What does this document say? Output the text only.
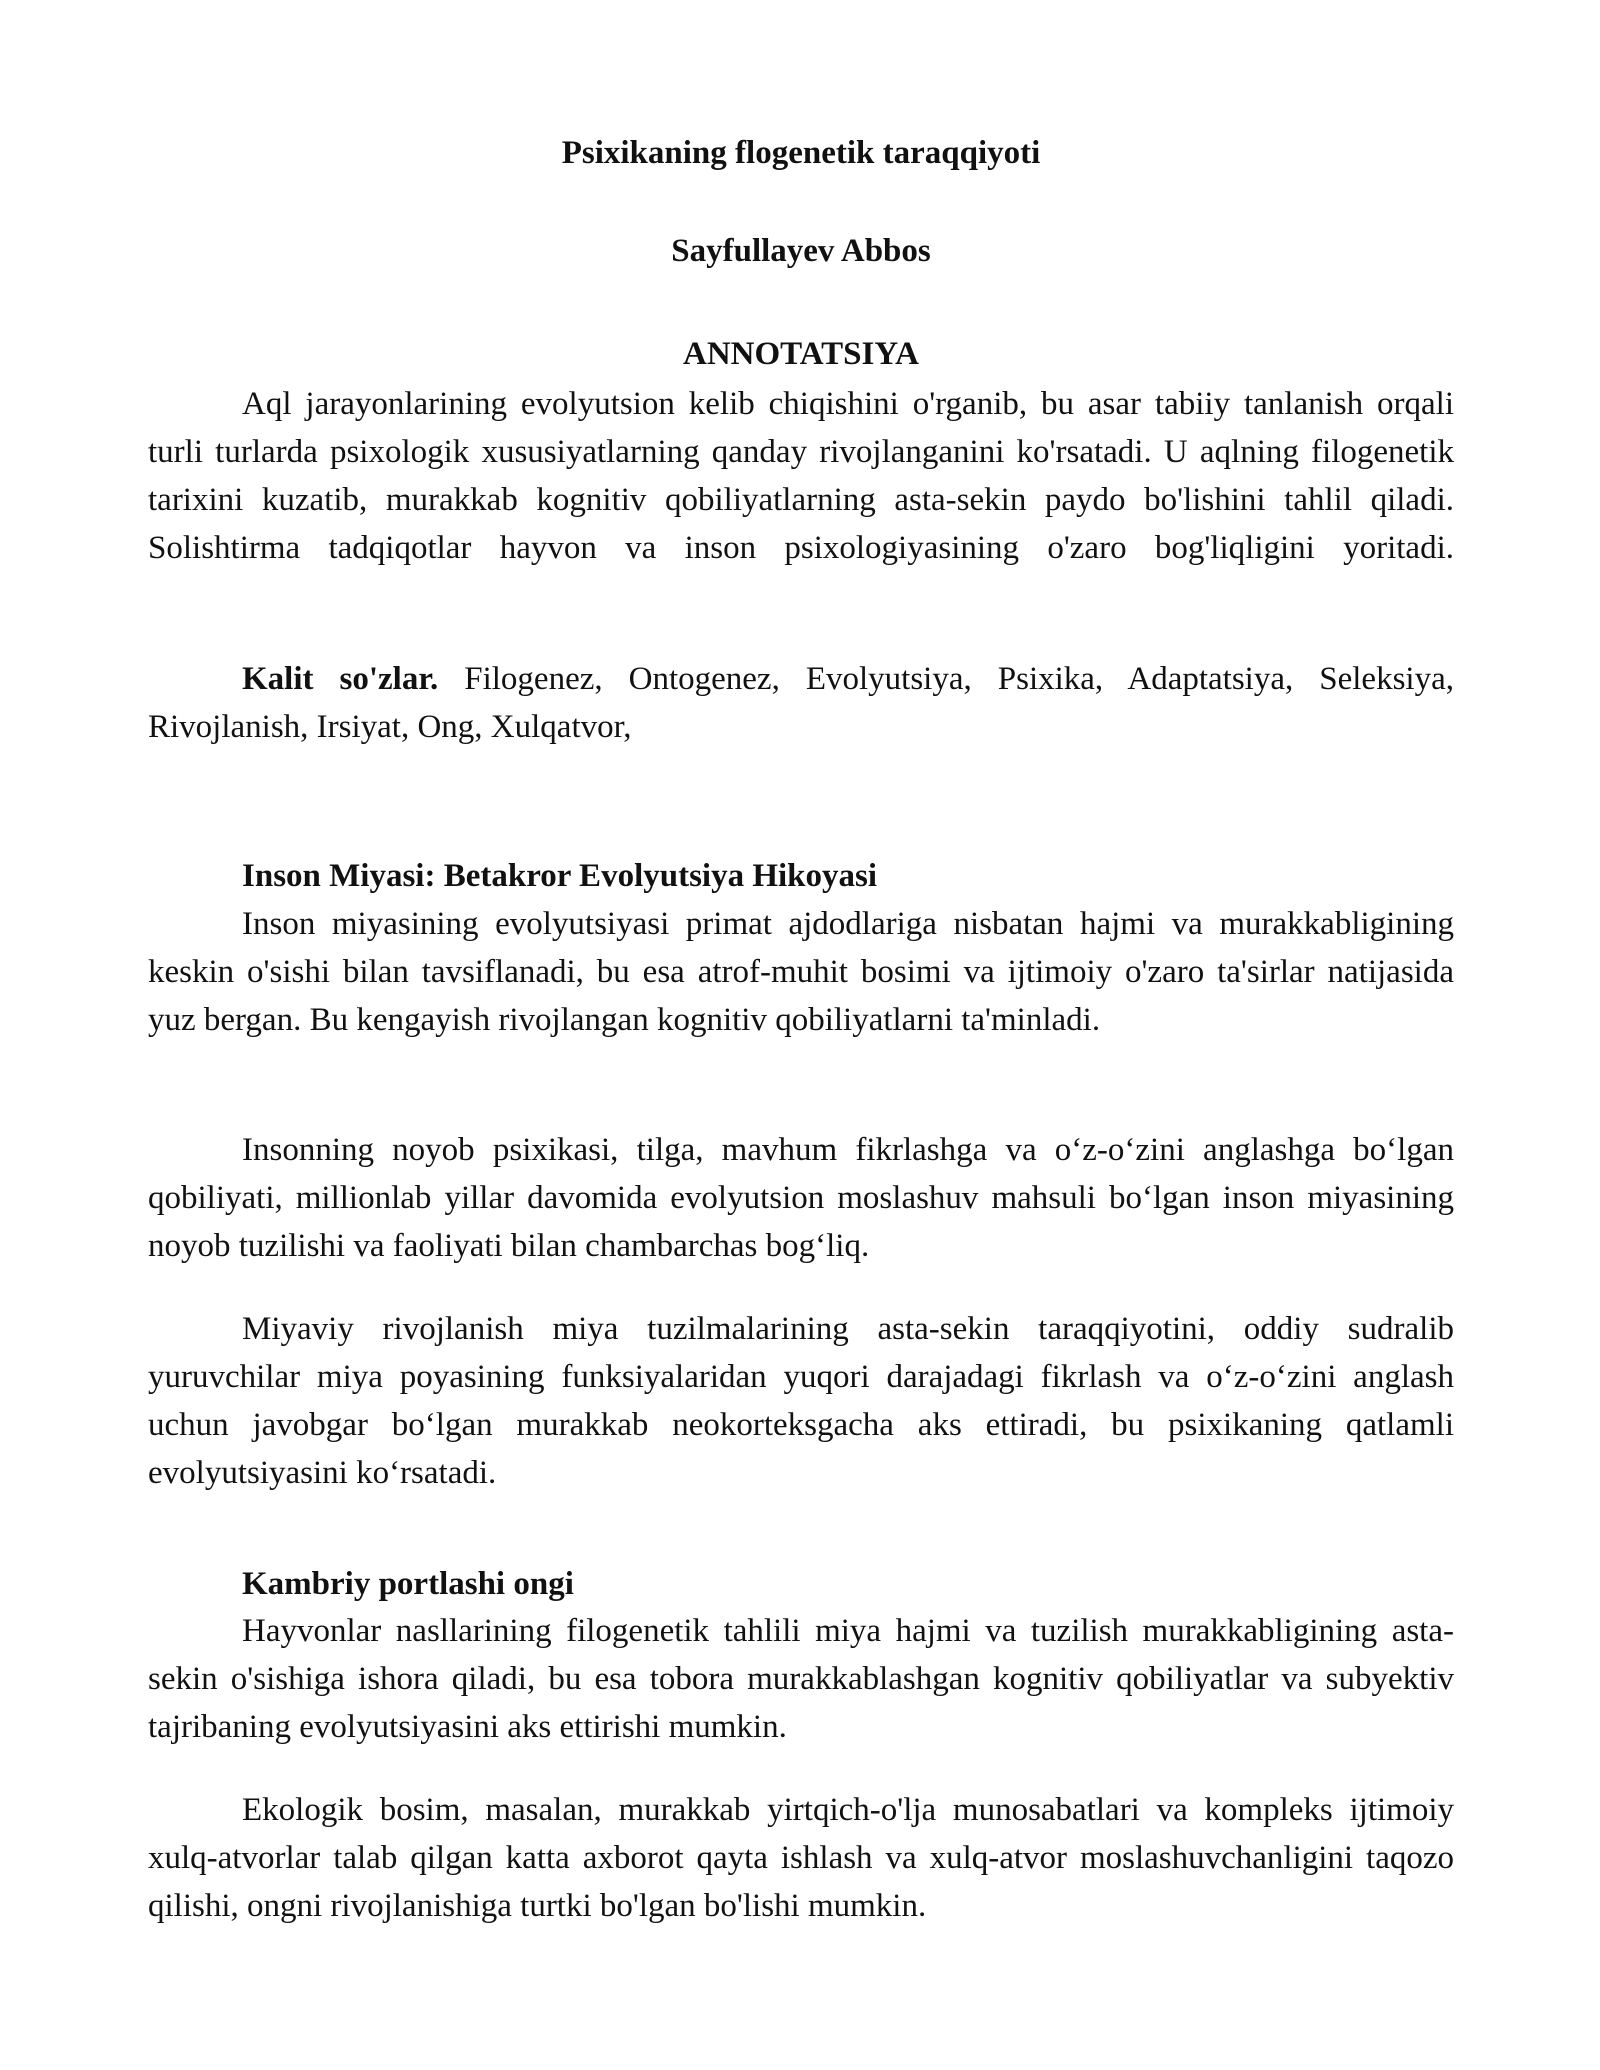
Psixikaning flogenetik taraqqiyoti

Sayfullayev Abbos

ANNOTATSIYA

Aql jarayonlarining evolyutsion kelib chiqishini o'rganib, bu asar tabiiy tanlanish orqali turli turlarda psixologik xususiyatlarning qanday rivojlanganini ko'rsatadi. U aqlning filogenetik tarixini kuzatib, murakkab kognitiv qobiliyatlarning asta-sekin paydo bo'lishini tahlil qiladi. Solishtirma tadqiqotlar hayvon va inson psixologiyasining o'zaro bog'liqligini yoritadi.

Kalit so'zlar. Filogenez, Ontogenez, Evolyutsiya, Psixika, Adaptatsiya, Seleksiya, Rivojlanish, Irsiyat, Ong, Xulqatvor,

Inson Miyasi: Betakror Evolyutsiya Hikoyasi

Inson miyasining evolyutsiyasi primat ajdodlariga nisbatan hajmi va murakkabligining keskin o'sishi bilan tavsiflanadi, bu esa atrof-muhit bosimi va ijtimoiy o'zaro ta'sirlar natijasida yuz bergan. Bu kengayish rivojlangan kognitiv qobiliyatlarni ta'minladi.

Insonning noyob psixikasi, tilga, mavhum fikrlashga va o‘z-o‘zini anglashga bo‘lgan qobiliyati, millionlab yillar davomida evolyutsion moslashuv mahsuli bo‘lgan inson miyasining noyob tuzilishi va faoliyati bilan chambarchas bog‘liq.

Miyaviy rivojlanish miya tuzilmalarining asta-sekin taraqqiyotini, oddiy sudralib yuruvchilar miya poyasining funksiyalaridan yuqori darajadagi fikrlash va o‘z-o‘zini anglash uchun javobgar bo‘lgan murakkab neokorteksgacha aks ettiradi, bu psixikaning qatlamli evolyutsiyasini ko‘rsatadi.

Kambriy portlashi ongi

Hayvonlar nasllarining filogenetik tahlili miya hajmi va tuzilish murakkabligining asta-sekin o'sishiga ishora qiladi, bu esa tobora murakkablashgan kognitiv qobiliyatlar va subyektiv tajribaning evolyutsiyasini aks ettirishi mumkin.

Ekologik bosim, masalan, murakkab yirtqich-o'lja munosabatlari va kompleks ijtimoiy xulq-atvorlar talab qilgan katta axborot qayta ishlash va xulq-atvor moslashuvchanligini taqozo qilishi, ongni rivojlanishiga turtki bo'lgan bo'lishi mumkin.
